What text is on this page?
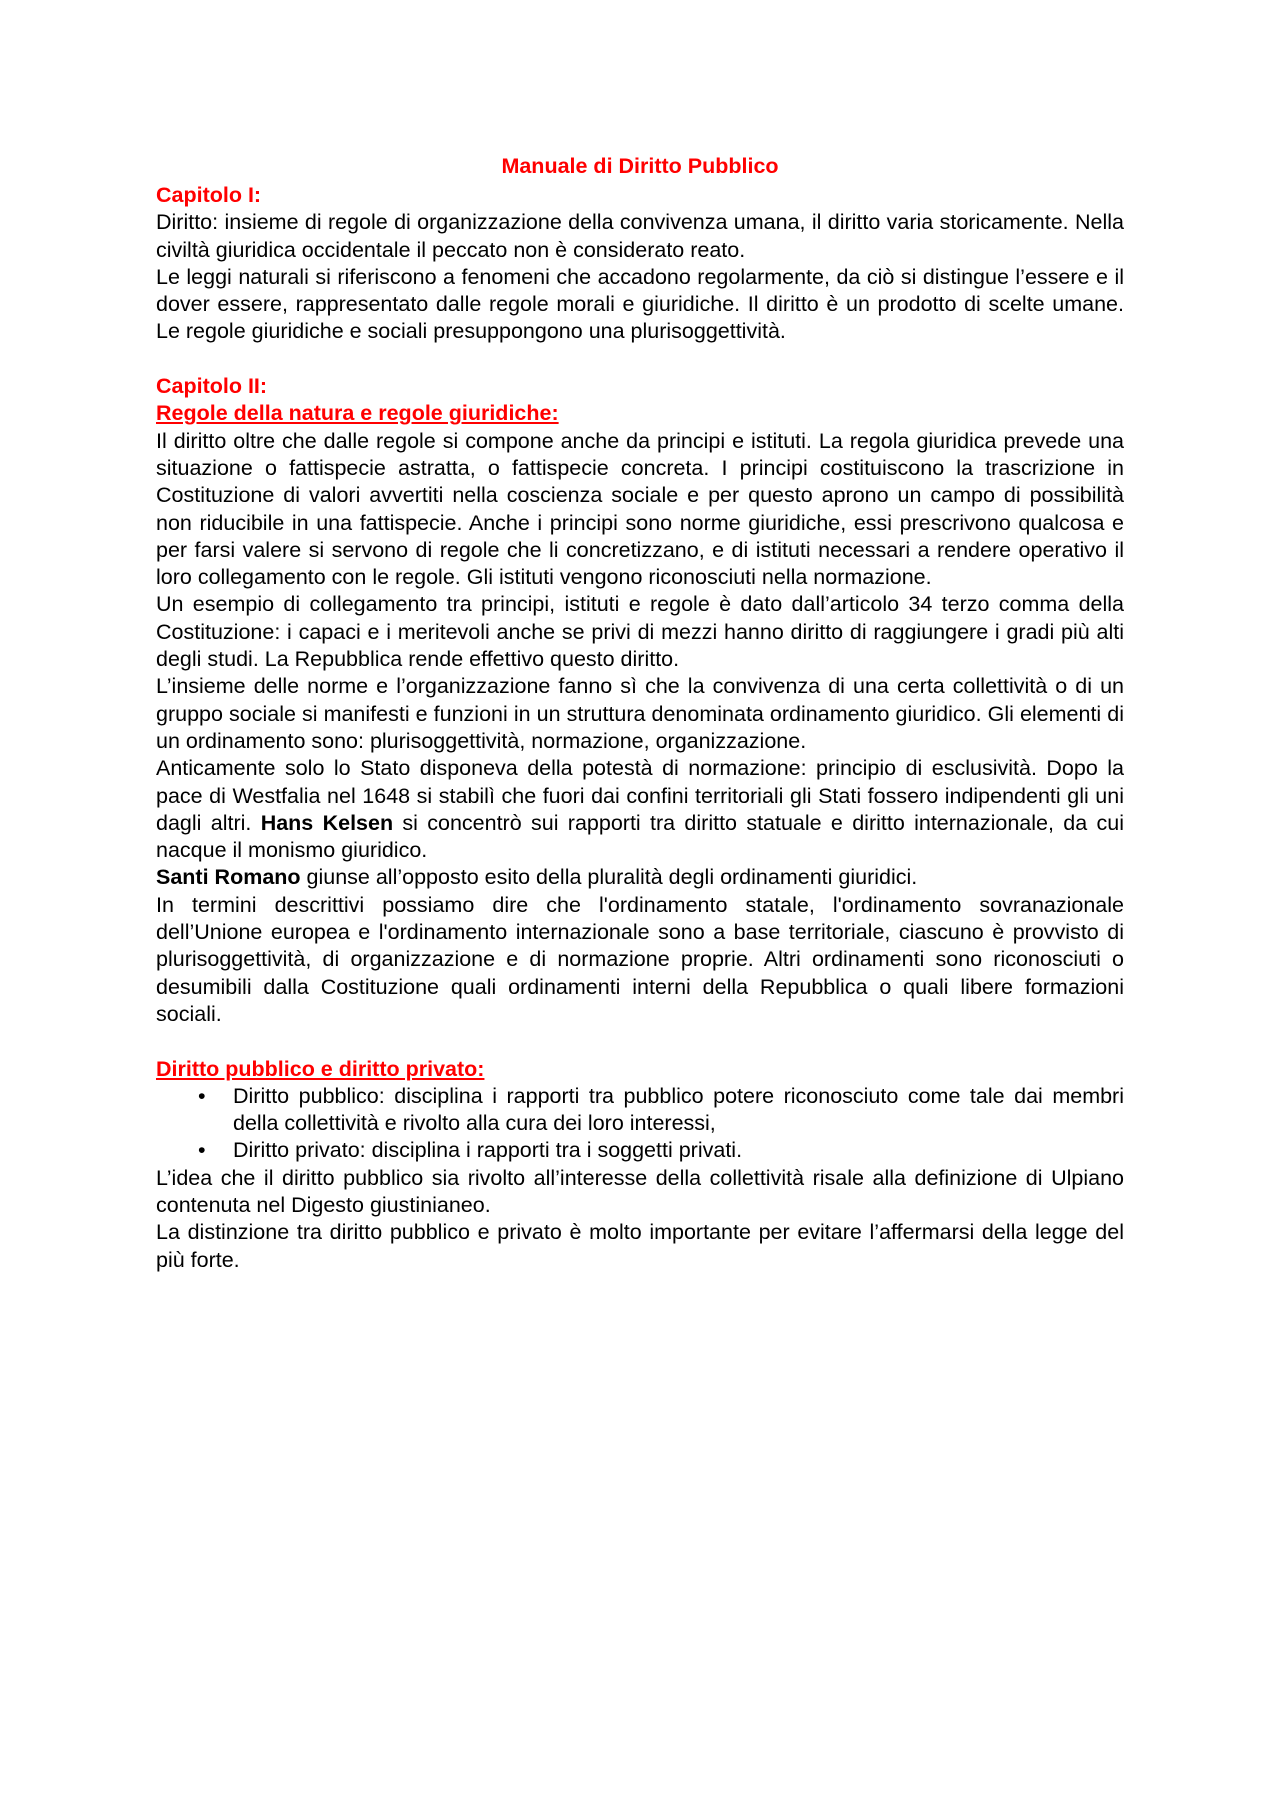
Manuale di Diritto Pubblico
Capitolo I:

Diritto: insieme di regole di organizzazione della convivenza umana, il diritto varia storicamente. Nella civiltà giuridica occidentale il peccato non è considerato reato.

Le leggi naturali si riferiscono a fenomeni che accadono regolarmente, da ciò si distingue l’essere e il dover essere, rappresentato dalle regole morali e giuridiche. Il diritto è un prodotto di scelte umane. Le regole giuridiche e sociali presuppongono una plurisoggettività.

Capitolo II:
Regole della natura e regole giuridiche:

Il diritto oltre che dalle regole si compone anche da principi e istituti. La regola giuridica prevede una situazione o fattispecie astratta, o fattispecie concreta. I principi costituiscono la trascrizione in Costituzione di valori avvertiti nella coscienza sociale e per questo aprono un campo di possibilità non riducibile in una fattispecie. Anche i principi sono norme giuridiche, essi prescrivono qualcosa e per farsi valere si servono di regole che li concretizzano, e di istituti necessari a rendere operativo il loro collegamento con le regole. Gli istituti vengono riconosciuti nella normazione.

Un esempio di collegamento tra principi, istituti e regole è dato dall’articolo 34 terzo comma della Costituzione: i capaci e i meritevoli anche se privi di mezzi hanno diritto di raggiungere i gradi più alti degli studi. La Repubblica rende effettivo questo diritto.

L’insieme delle norme e l’organizzazione fanno sì che la convivenza di una certa collettività o di un gruppo sociale si manifesti e funzioni in un struttura denominata ordinamento giuridico. Gli elementi di un ordinamento sono: plurisoggettività, normazione, organizzazione.

Anticamente solo lo Stato disponeva della potestà di normazione: principio di esclusività. Dopo la pace di Westfalia nel 1648 si stabilì che fuori dai confini territoriali gli Stati fossero indipendenti gli uni dagli altri. Hans Kelsen si concentrò sui rapporti tra diritto statuale e diritto internazionale, da cui nacque il monismo giuridico.

Santi Romano giunse all’opposto esito della pluralità degli ordinamenti giuridici.

In termini descrittivi possiamo dire che l'ordinamento statale, l'ordinamento sovranazionale dell’Unione europea e l'ordinamento internazionale sono a base territoriale, ciascuno è provvisto di plurisoggettività, di organizzazione e di normazione proprie. Altri ordinamenti sono riconosciuti o desumibili dalla Costituzione quali ordinamenti interni della Repubblica o quali libere formazioni sociali.

Diritto pubblico e diritto privato:
• Diritto pubblico: disciplina i rapporti tra pubblico potere riconosciuto come tale dai membri della collettività e rivolto alla cura dei loro interessi,
• Diritto privato: disciplina i rapporti tra i soggetti privati.

L’idea che il diritto pubblico sia rivolto all’interesse della collettività risale alla definizione di Ulpiano contenuta nel Digesto giustinianeo.

La distinzione tra diritto pubblico e privato è molto importante per evitare l’affermarsi della legge del più forte.
